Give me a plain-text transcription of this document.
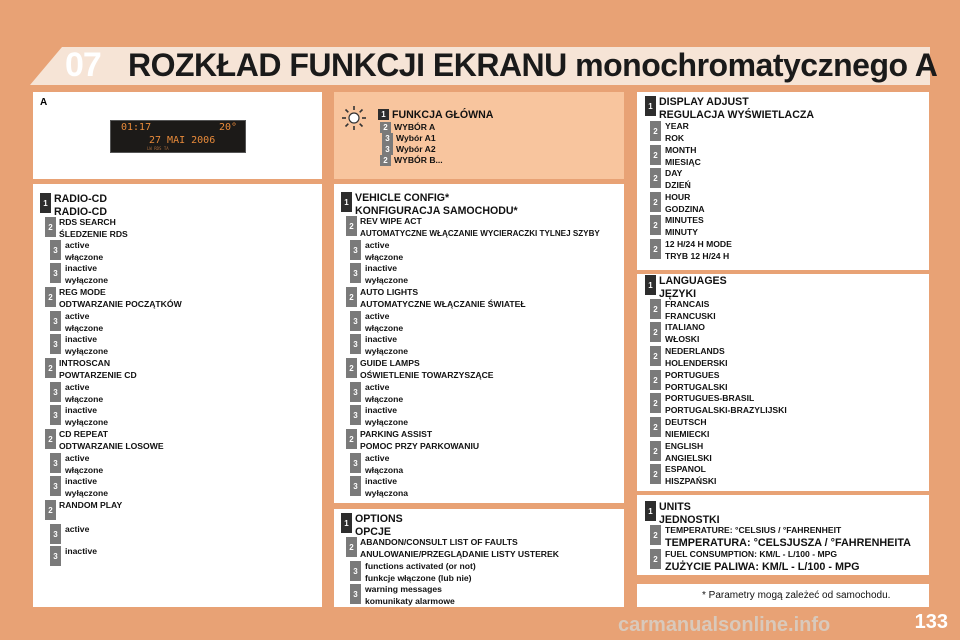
07 ROZKŁAD FUNKCJI EKRANU monochromatycznego A
A
01:17	20°
27 MAI 2006
LW RDS TA
1 FUNKCJA GŁÓWNA
2 WYBÓR A
3 Wybór A1
3 Wybór A2
2 WYBÓR B...
1 RADIO-CD
RADIO-CD
2 RDS SEARCH
ŚLEDZENIE RDS
3 active
włączone
3 inactive
wyłączone
2 REG MODE
ODTWARZANIE POCZĄTKÓW
3 active
włączone
3 inactive
wyłączone
2 INTROSCAN
POWTARZENIE CD
3 active
włączone
3 inactive
wyłączone
2 CD REPEAT
ODTWARZANIE LOSOWE
3 active
włączone
3 inactive
wyłączone
2 RANDOM PLAY
3 active
3 inactive
1 VEHICLE CONFIG*
KONFIGURACJA SAMOCHODU*
2 REV WIPE ACT
AUTOMATYCZNE WŁĄCZANIE WYCIERACZKI TYLNEJ SZYBY
3 active
włączone
3 inactive
wyłączone
2 AUTO LIGHTS
AUTOMATYCZNE WŁĄCZANIE ŚWIATEŁ
3 active
włączone
3 inactive
wyłączone
2 GUIDE LAMPS
OŚWIETLENIE TOWARZYSZĄCE
3 active
włączone
3 inactive
wyłączone
2 PARKING ASSIST
POMOC PRZY PARKOWANIU
3 active
włączona
3 inactive
wyłączona
1 OPTIONS
OPCJE
2 ABANDON/CONSULT LIST OF FAULTS
ANULOWANIE/PRZEGLĄDANIE LISTY USTEREK
3 functions activated (or not)
funkcje włączone (lub nie)
3 warning messages
komunikaty alarmowe
1 DISPLAY ADJUST
REGULACJA WYŚWIETLACZA
2 YEAR
ROK
2 MONTH
MIESIĄC
2 DAY
DZIEŃ
2 HOUR
GODZINA
2 MINUTES
MINUTY
2 12 H/24 H MODE
TRYB 12 H/24 H
1 LANGUAGES
JĘZYKI
2 FRANCAIS
FRANCUSKI
2 ITALIANO
WŁOSKI
2 NEDERLANDS
HOLENDERSKI
2 PORTUGUES
PORTUGALSKI
2 PORTUGUES-BRASIL
PORTUGALSKI-BRAZYLIJSKI
2 DEUTSCH
NIEMIECKI
2 ENGLISH
ANGIELSKI
2 ESPANOL
HISZPAŃSKI
1 UNITS
JEDNOSTKI
2 TEMPERATURE: °CELSIUS / °FAHRENHEIT
TEMPERATURA: °CELSJUSZA / °FAHRENHEITA
2 FUEL CONSUMPTION: KM/L - L/100 - MPG
ZUŻYCIE PALIWA: KM/L - L/100 - MPG
* Parametry mogą zależeć od samochodu.
133
carmanualsonline.info
